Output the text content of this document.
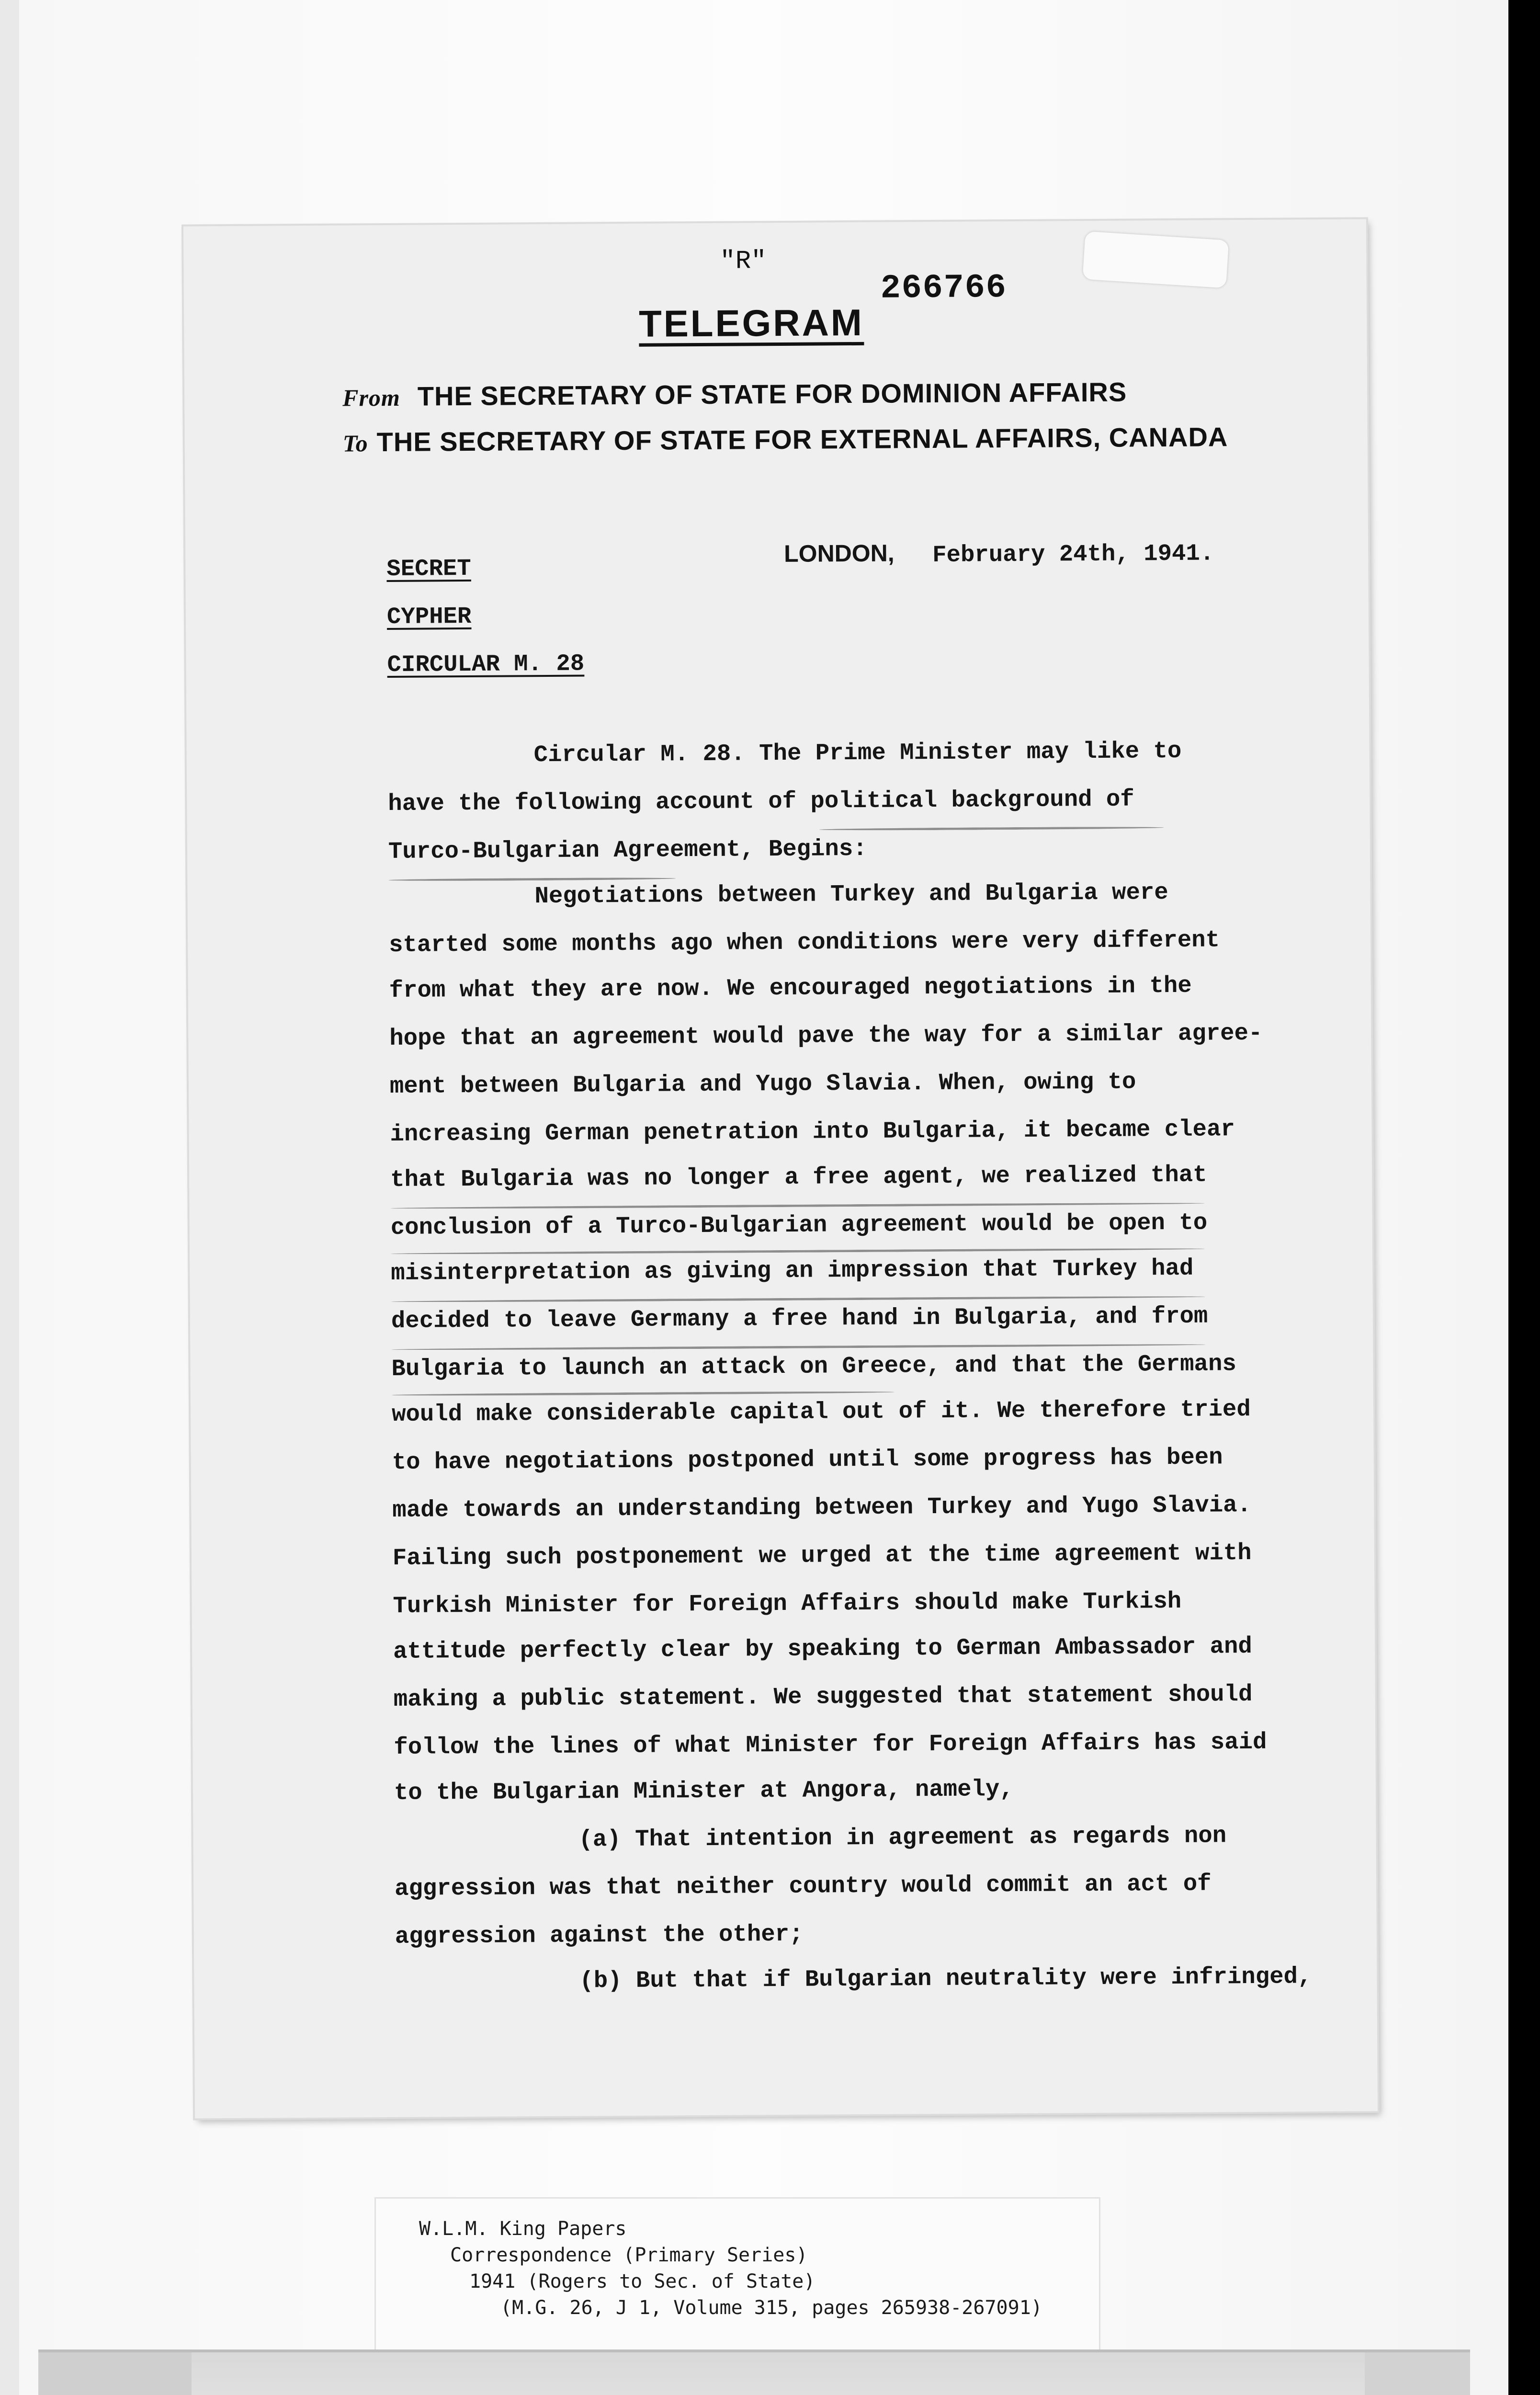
"R"
266766
TELEGRAM
From THE SECRETARY OF STATE FOR DOMINION AFFAIRS
To THE SECRETARY OF STATE FOR EXTERNAL AFFAIRS, CANADA
LONDON, February 24th, 1941.
SECRET
CYPHER
CIRCULAR M. 28
Circular M. 28. The Prime Minister may like to
have the following account of political background of
Turco-Bulgarian Agreement, Begins:
Negotiations between Turkey and Bulgaria were
started some months ago when conditions were very different
from what they are now. We encouraged negotiations in the
hope that an agreement would pave the way for a similar agree-
ment between Bulgaria and Yugo Slavia. When, owing to
increasing German penetration into Bulgaria, it became clear
that Bulgaria was no longer a free agent, we realized that
conclusion of a Turco-Bulgarian agreement would be open to
misinterpretation as giving an impression that Turkey had
decided to leave Germany a free hand in Bulgaria, and from
Bulgaria to launch an attack on Greece, and that the Germans
would make considerable capital out of it. We therefore tried
to have negotiations postponed until some progress has been
made towards an understanding between Turkey and Yugo Slavia.
Failing such postponement we urged at the time agreement with
Turkish Minister for Foreign Affairs should make Turkish
attitude perfectly clear by speaking to German Ambassador and
making a public statement. We suggested that statement should
follow the lines of what Minister for Foreign Affairs has said
to the Bulgarian Minister at Angora, namely,
(a) That intention in agreement as regards non
aggression was that neither country would commit an act of
aggression against the other;
(b) But that if Bulgarian neutrality were infringed,
W.L.M. King Papers
Correspondence (Primary Series)
1941 (Rogers to Sec. of State)
(M.G. 26, J 1, Volume 315, pages 265938-267091)
